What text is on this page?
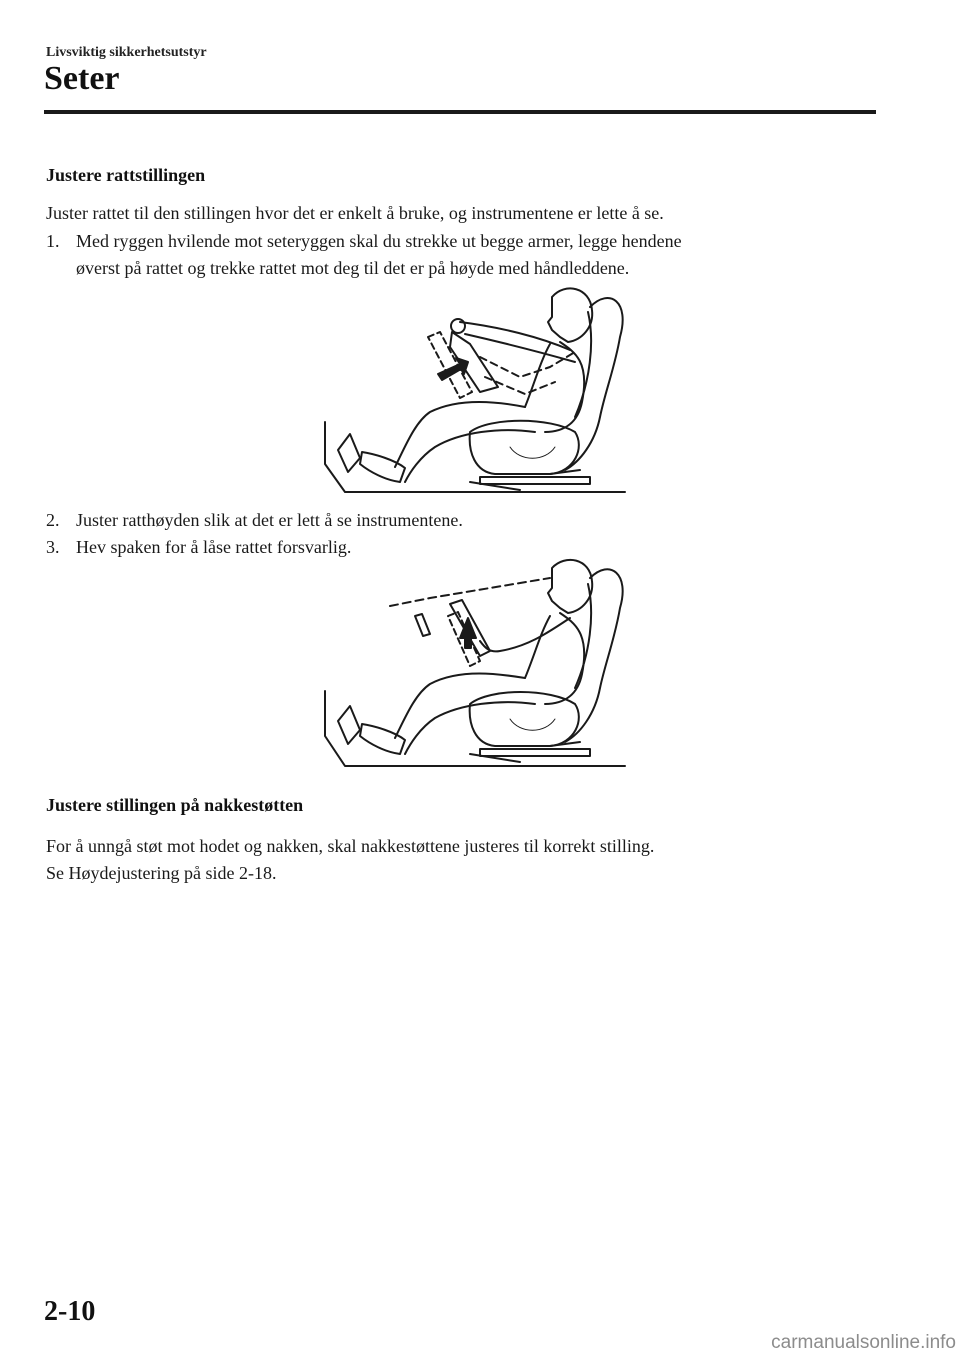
Livsviktig sikkerhetsutstyr
Seter
Justere rattstillingen
Juster rattet til den stillingen hvor det er enkelt å bruke, og instrumentene er lette å se.
1. Med ryggen hvilende mot seteryggen skal du strekke ut begge armer, legge hendene
øverst på rattet og trekke rattet mot deg til det er på høyde med håndleddene.
2. Juster ratthøyden slik at det er lett å se instrumentene.
3. Hev spaken for å låse rattet forsvarlig.
Justere stillingen på nakkestøtten
For å unngå støt mot hodet og nakken, skal nakkestøttene justeres til korrekt stilling.
Se Høydejustering på side 2-18.
2-10
carmanualsonline.info
